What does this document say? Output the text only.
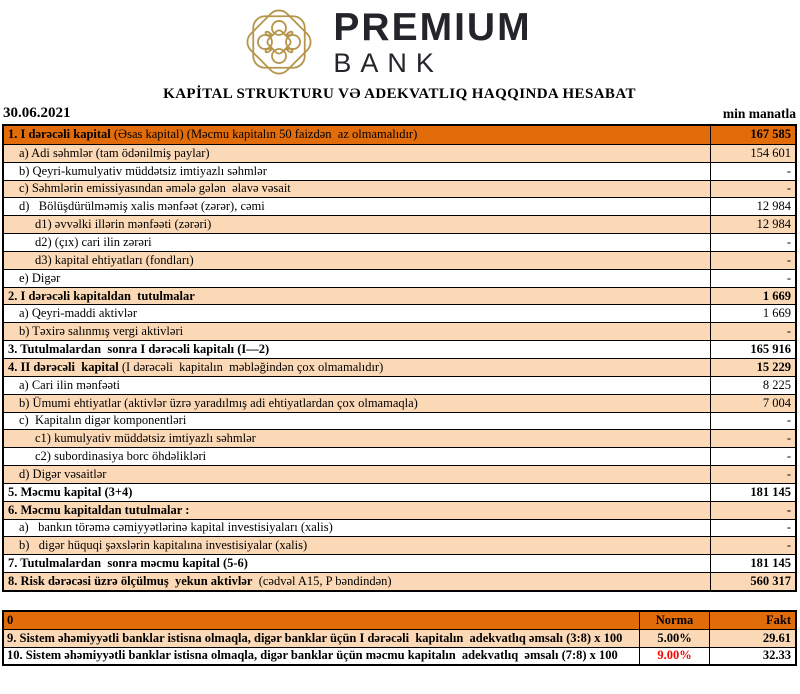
PREMIUM
BANK
KAPİTAL STRUKTURU VƏ ADEKVATLIQ HAQQINDA HESABAT
30.06.2021	min manatla
1. I dərəcəli kapital (Əsas kapital) (Məcmu kapitalın 50 faizdən  az olmamalıdır)	167 585
a) Adi səhmlər (tam ödənilmiş paylar)	154 601
b) Qeyri-kumulyativ müddətsiz imtiyazlı səhmlər	-
c) Səhmlərin emissiyasından əmələ gələn  əlavə vəsait	-
d)   Bölüşdürülməmiş xalis mənfəət (zərər), cəmi	12 984
d1) əvvəlki illərin mənfəəti (zərəri)	12 984
d2) (çıx) cari ilin zərəri	-
d3) kapital ehtiyatları (fondları)	-
e) Digər	-
2. I dərəcəli kapitaldan  tutulmalar	1 669
a) Qeyri-maddi aktivlər	1 669
b) Təxirə salınmış vergi aktivləri	-
3. Tutulmalardan  sonra I dərəcəli kapitalı (I—2)	165 916
4. II dərəcəli  kapital (I dərəcəli  kapitalın  məbləğindən çox olmamalıdır)	15 229
a) Cari ilin mənfəəti	8 225
b) Ümumi ehtiyatlar (aktivlər üzrə yaradılmış adi ehtiyatlardan çox olmamaqla)	7 004
c)  Kapitalın digər komponentləri	-
c1) kumulyativ müddətsiz imtiyazlı səhmlər	-
c2) subordinasiya borc öhdəlikləri	-
d) Digər vəsaitlər	-
5. Məcmu kapital (3+4)	181 145
6. Məcmu kapitaldan tutulmalar :	-
a)   bankın törəmə cəmiyyətlərinə kapital investisiyaları (xalis)	-
b)   digər hüquqi şəxslərin kapitalına investisiyalar (xalis)	-
7. Tutulmalardan  sonra məcmu kapital (5-6)	181 145
8. Risk dərəcəsi üzrə ölçülmuş  yekun aktivlər (cədvəl A15, P bəndindən)	560 317
0	Norma	Fakt
9. Sistem əhəmiyyətli banklar istisna olmaqla, digər banklar üçün I dərəcəli  kapitalın  adekvatlıq əmsalı (3:8) x 100	5.00%	29.61
10. Sistem əhəmiyyətli banklar istisna olmaqla, digər banklar üçün məcmu kapitalın  adekvatlıq  əmsalı (7:8) x 100	9.00%	32.33
